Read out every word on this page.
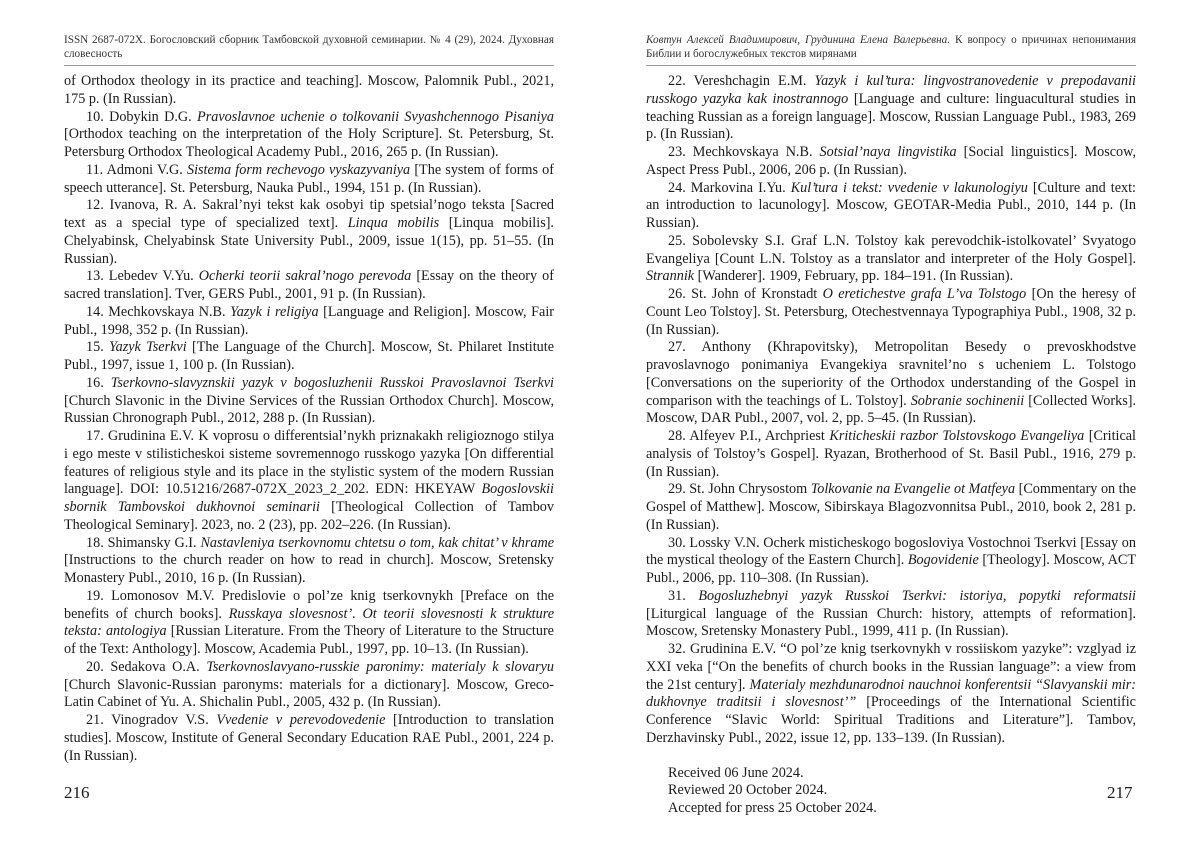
ISSN 2687-072X. Богословский сборник Тамбовской духовной семинарии. № 4 (29), 2024. Духовная словесность

of Orthodox theology in its practice and teaching]. Moscow, Palomnik Publ., 2021, 175 p. (In Russian).

10. Dobykin D.G. Pravoslavnoe uchenie o tolkovanii Svyashchennogo Pisaniya [Orthodox teaching on the interpretation of the Holy Scripture]. St. Petersburg, St. Petersburg Orthodox Theological Academy Publ., 2016, 265 p. (In Russian).

11. Admoni V.G. Sistema form rechevogo vyskazyvaniya [The system of forms of speech utterance]. St. Petersburg, Nauka Publ., 1994, 151 p. (In Russian).

12. Ivanova, R. A. Sakral’nyi tekst kak osobyi tip spetsial’nogo teksta [Sacred text as a special type of specialized text]. Linqua mobilis [Linqua mobilis]. Chelyabinsk, Chelyabinsk State University Publ., 2009, issue 1(15), pp. 51–55. (In Russian).

13. Lebedev V.Yu. Ocherki teorii sakral’nogo perevoda [Essay on the theory of sacred translation]. Tver, GERS Publ., 2001, 91 p. (In Russian).

14. Mechkovskaya N.B. Yazyk i religiya [Language and Religion]. Moscow, Fair Publ., 1998, 352 p. (In Russian).

15. Yazyk Tserkvi [The Language of the Church]. Moscow, St. Philaret Institute Publ., 1997, issue 1, 100 p. (In Russian).

16. Tserkovno-slavyznskii yazyk v bogosluzhenii Russkoi Pravoslavnoi Tserkvi [Church Slavonic in the Divine Services of the Russian Orthodox Church]. Moscow, Russian Chronograph Publ., 2012, 288 p. (In Russian).

17. Grudinina E.V. K voprosu o differentsial’nykh priznakakh religioznogo stilya i ego meste v stilisticheskoi sisteme sovremennogo russkogo yazyka [On differential features of religious style and its place in the stylistic system of the modern Russian language]. DOI: 10.51216/2687-072X_2023_2_202. EDN: HKEYAW Bogoslovskii sbornik Tambovskoi dukhovnoi seminarii [Theological Collection of Tambov Theological Seminary]. 2023, no. 2 (23), pp. 202–226. (In Russian).

18. Shimansky G.I. Nastavleniya tserkovnomu chtetsu o tom, kak chitat’ v khrame [Instructions to the church reader on how to read in church]. Moscow, Sretensky Monastery Publ., 2010, 16 p. (In Russian).

19. Lomonosov M.V. Predislovie o pol’ze knig tserkovnykh [Preface on the benefits of church books]. Russkaya slovesnost’. Ot teorii slovesnosti k strukture teksta: antologiya [Russian Literature. From the Theory of Literature to the Structure of the Text: Anthology]. Moscow, Academia Publ., 1997, pp. 10–13. (In Russian).

20. Sedakova O.A. Tserkovnoslavyano-russkie paronimy: materialy k slovaryu [Church Slavonic-Russian paronyms: materials for a dictionary]. Moscow, Greco-Latin Cabinet of Yu. A. Shichalin Publ., 2005, 432 p. (In Russian).

21. Vinogradov V.S. Vvedenie v perevodovedenie [Introduction to translation studies]. Moscow, Institute of General Secondary Education RAE Publ., 2001, 224 p. (In Russian).

216
Ковтун Алексей Владимирович, Грудинина Елена Валерьевна. К вопросу о причинах непонимания Библии и богослужебных текстов мирянами

22. Vereshchagin E.M. Yazyk i kul’tura: lingvostranovedenie v prepodavanii russkogo yazyka kak inostrannogo [Language and culture: linguacultural studies in teaching Russian as a foreign language]. Moscow, Russian Language Publ., 1983, 269 p. (In Russian).

23. Mechkovskaya N.B. Sotsial’naya lingvistika [Social linguistics]. Moscow, Aspect Press Publ., 2006, 206 p. (In Russian).

24. Markovina I.Yu. Kul’tura i tekst: vvedenie v lakunologiyu [Culture and text: an introduction to lacunology]. Moscow, GEOTAR-Media Publ., 2010, 144 p. (In Russian).

25. Sobolevsky S.I. Graf L.N. Tolstoy kak perevodchik-istolkovatel’ Svyatogo Evangeliya [Count L.N. Tolstoy as a translator and interpreter of the Holy Gospel]. Strannik [Wanderer]. 1909, February, pp. 184–191. (In Russian).

26. St. John of Kronstadt O eretichestve grafa L’va Tolstogo [On the heresy of Count Leo Tolstoy]. St. Petersburg, Otechestvennaya Typographiya Publ., 1908, 32 p. (In Russian).

27. Anthony (Khrapovitsky), Metropolitan Besedy o prevoskhodstve pravoslavnogo ponimaniya Evangekiya sravnitel’no s ucheniem L. Tolstogo [Conversations on the superiority of the Orthodox understanding of the Gospel in comparison with the teachings of L. Tolstoy]. Sobranie sochinenii [Collected Works]. Moscow, DAR Publ., 2007, vol. 2, pp. 5–45. (In Russian).

28. Alfeyev P.I., Archpriest Kriticheskii razbor Tolstovskogo Evangeliya [Critical analysis of Tolstoy’s Gospel]. Ryazan, Brotherhood of St. Basil Publ., 1916, 279 p. (In Russian).

29. St. John Chrysostom Tolkovanie na Evangelie ot Matfeya [Commentary on the Gospel of Matthew]. Moscow, Sibirskaya Blagozvonnitsa Publ., 2010, book 2, 281 p. (In Russian).

30. Lossky V.N. Ocherk misticheskogo bogosloviya Vostochnoi Tserkvi [Essay on the mystical theology of the Eastern Church]. Bogovidenie [Theology]. Moscow, ACT Publ., 2006, pp. 110–308. (In Russian).

31. Bogosluzhebnyi yazyk Russkoi Tserkvi: istoriya, popytki reformatsii [Liturgical language of the Russian Church: history, attempts of reformation]. Moscow, Sretensky Monastery Publ., 1999, 411 p. (In Russian).

32. Grudinina E.V. “O pol’ze knig tserkovnykh v rossiiskom yazyke”: vzglyad iz XXI veka [“On the benefits of church books in the Russian language”: a view from the 21st century]. Materialy mezhdunarodnoi nauchnoi konferentsii “Slavyanskii mir: dukhovnye traditsii i slovesnost’” [Proceedings of the International Scientific Conference “Slavic World: Spiritual Traditions and Literature”]. Tambov, Derzhavinsky Publ., 2022, issue 12, pp. 133–139. (In Russian).

Received 06 June 2024.
Reviewed 20 October 2024.
Accepted for press 25 October 2024.
217
